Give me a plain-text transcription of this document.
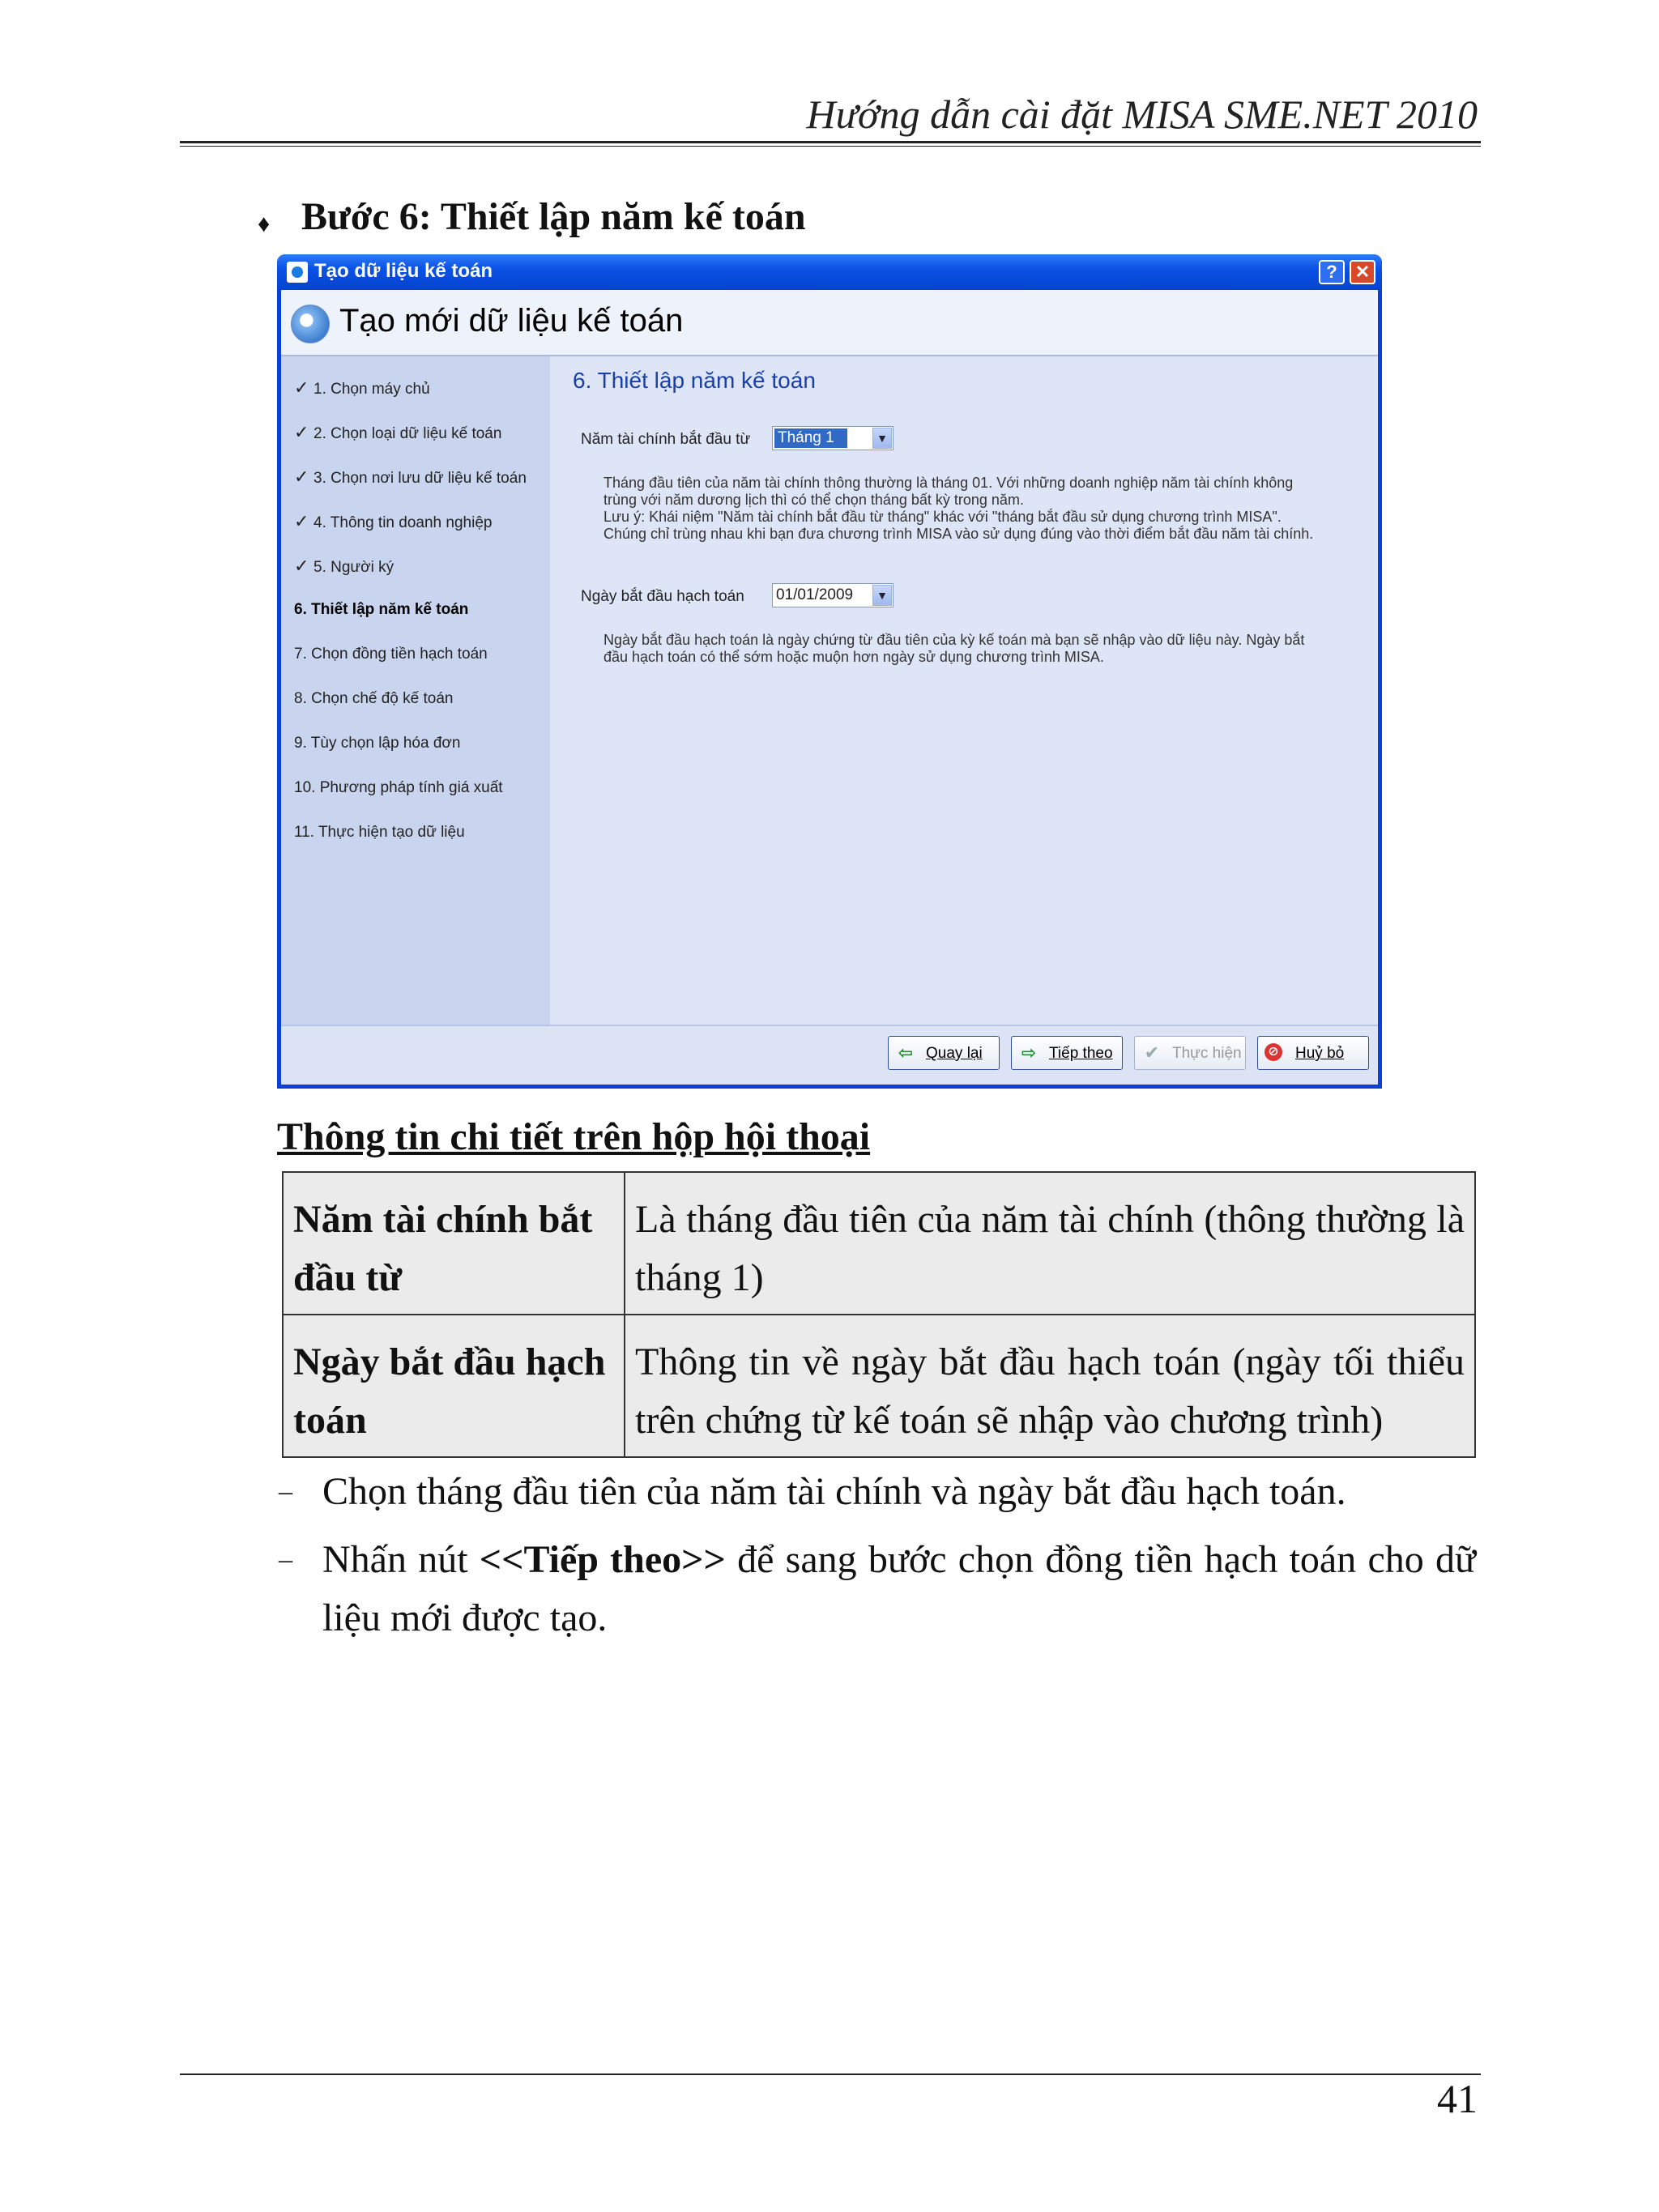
Hướng dẫn cài đặt MISA SME.NET 2010
♦ Bước 6: Thiết lập năm kế toán
Tạo dữ liệu kế toán	?	✕
Tạo mới dữ liệu kế toán
✓ 1. Chọn máy chủ
✓ 2. Chọn loại dữ liệu kế toán
✓ 3. Chọn nơi lưu dữ liệu kế toán
✓ 4. Thông tin doanh nghiệp
✓ 5. Người ký
6. Thiết lập năm kế toán
7. Chọn đồng tiền hạch toán
8. Chọn chế độ kế toán
9. Tùy chọn lập hóa đơn
10. Phương pháp tính giá xuất
11. Thực hiện tạo dữ liệu
6. Thiết lập năm kế toán
Năm tài chính bắt đầu từ Tháng 1	▼
Tháng đầu tiên của năm tài chính thông thường là tháng 01. Với những doanh nghiệp năm tài chính không
trùng với năm dương lịch thì có thể chọn tháng bất kỳ trong năm.
Lưu ý: Khái niệm "Năm tài chính bắt đầu từ tháng" khác với "tháng bắt đầu sử dụng chương trình MISA".
Chúng chỉ trùng nhau khi bạn đưa chương trình MISA vào sử dụng đúng vào thời điểm bắt đầu năm tài chính.
Ngày bắt đầu hạch toán 01/01/2009	▼
Ngày bắt đầu hạch toán là ngày chứng từ đầu tiên của kỳ kế toán mà bạn sẽ nhập vào dữ liệu này. Ngày bắt
đầu hạch toán có thể sớm hoặc muộn hơn ngày sử dụng chương trình MISA.
⇦ Quay lại ⇨ Tiếp theo ✔ Thực hiện ⊘ Huỷ bỏ
Thông tin chi tiết trên hộp hội thoại
Năm tài chính bắt đầu từ	Là tháng đầu tiên của năm tài chính (thông thường là tháng 1)
Ngày bắt đầu hạch toán	Thông tin về ngày bắt đầu hạch toán (ngày tối thiểu trên chứng từ kế toán sẽ nhập vào chương trình)
– Chọn tháng đầu tiên của năm tài chính và ngày bắt đầu hạch toán.
– Nhấn nút <<Tiếp theo>> để sang bước chọn đồng tiền hạch toán cho dữ liệu mới được tạo.
41
